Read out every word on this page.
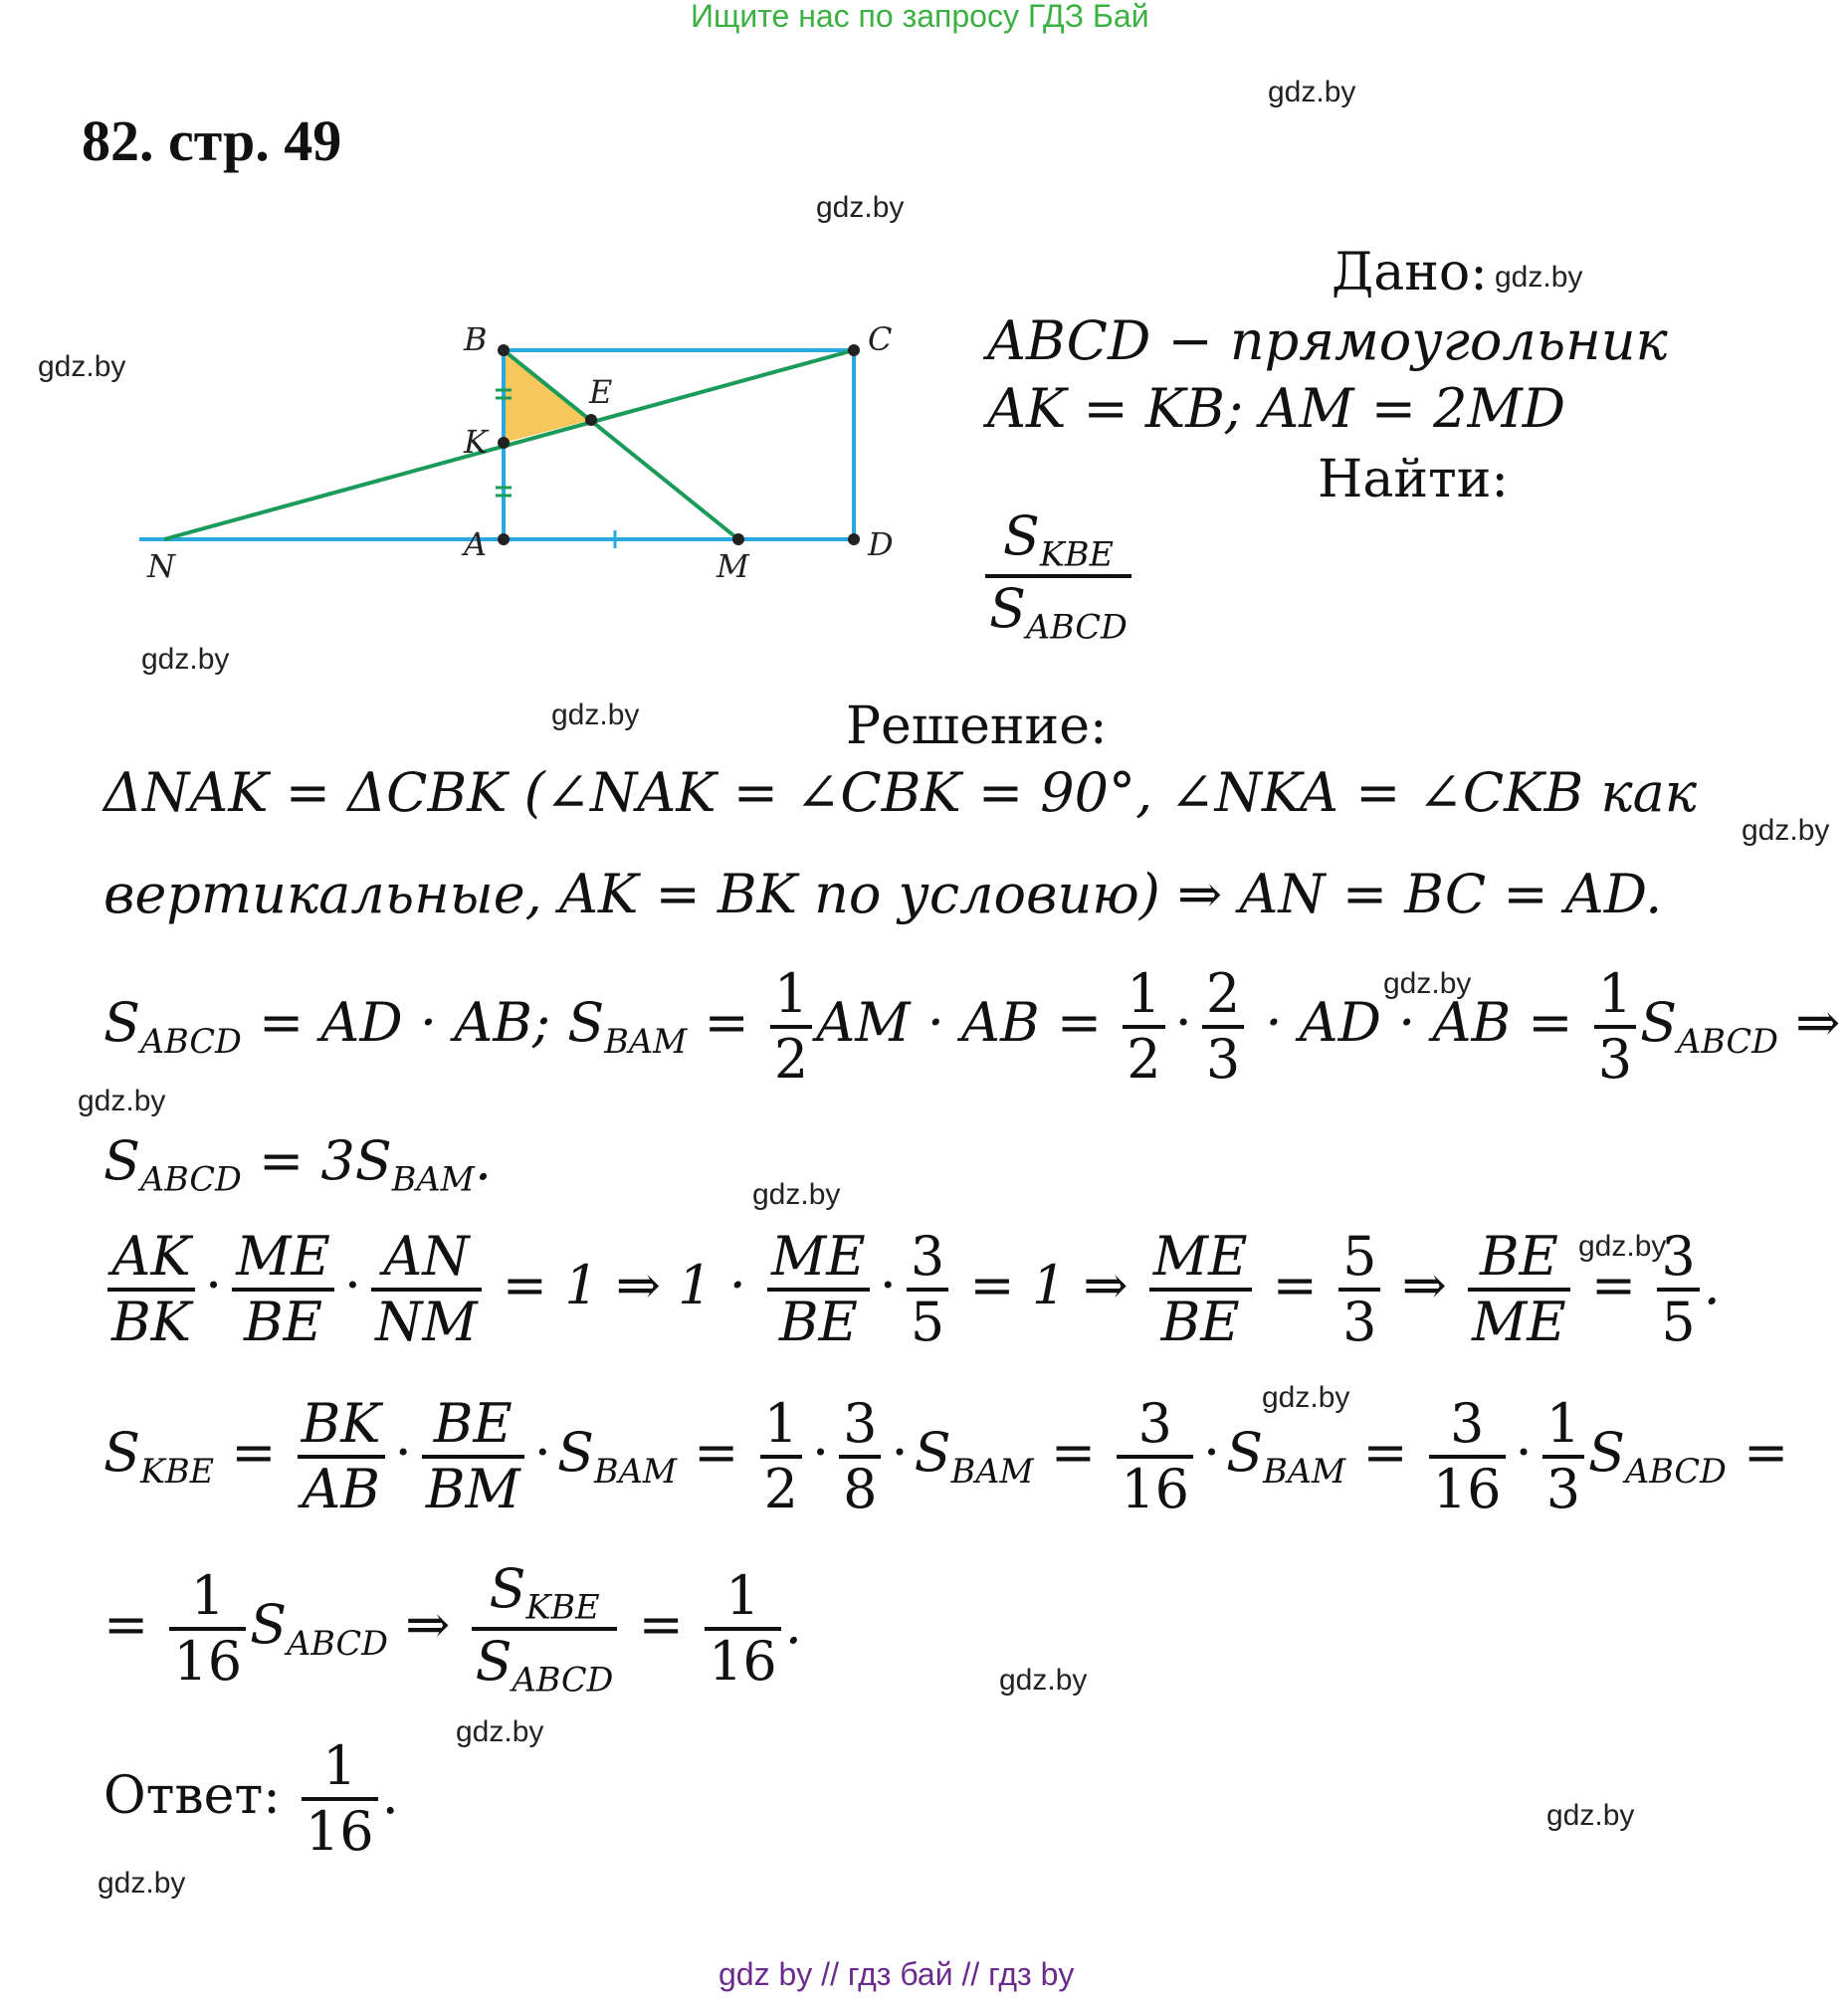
Ищите нас по запросу ГДЗ Бай
82. стр. 49
gdz.by
gdz.by
gdz.by
gdz.by
gdz.by
gdz.by
gdz.by
gdz.by
gdz.by
gdz.by
gdz.by
gdz.by
gdz.by
gdz.by
gdz.by
gdz.by
B	C
E
K
A
N	M
D
Дано:
ABCD − прямоугольник
AK = KB; AM = 2MD
Найти:
$\frac{S_{KBE}}{S_{ABCD}}$
Решение:
ΔNAK = ΔCBK (∠NAK = ∠CBK = 90°, ∠NKA = ∠CKB как
вертикальные, AK = BK по условию) ⇒ AN = BC = AD.
$S_{ABCD}$ = AD · AB; $S_{BAM} = \frac{1}{2}$ AM · AB = $\frac{1}{2} \cdot \frac{2}{3}$ · AD · AB = $\frac{1}{3} S_{ABCD}$ ⇒
$S_{ABCD} = 3S_{BAM}$.
$\frac{AK}{BK} \cdot \frac{ME}{BE} \cdot \frac{AN}{NM} = 1$ ⇒ $1 \cdot \frac{ME}{BE} \cdot \frac{3}{5} = 1$ ⇒ $\frac{ME}{BE} = \frac{5}{3}$ ⇒ $\frac{BE}{ME} = \frac{3}{5}$ .
$S_{KBE} = \frac{BK}{AB} \cdot \frac{BE}{BM} \cdot S_{BAM} = \frac{1}{2} \cdot \frac{3}{8} \cdot S_{BAM} = \frac{3}{16} \cdot S_{BAM} = \frac{3}{16} \cdot \frac{1}{3} S_{ABCD}$ =
= $\frac{1}{16} S_{ABCD}$ ⇒ $\frac{S_{KBE}}{S_{ABCD}} = \frac{1}{16}$ .
Ответ: $\frac{1}{16}$ .
gdz by // гдз бай // гдз by
